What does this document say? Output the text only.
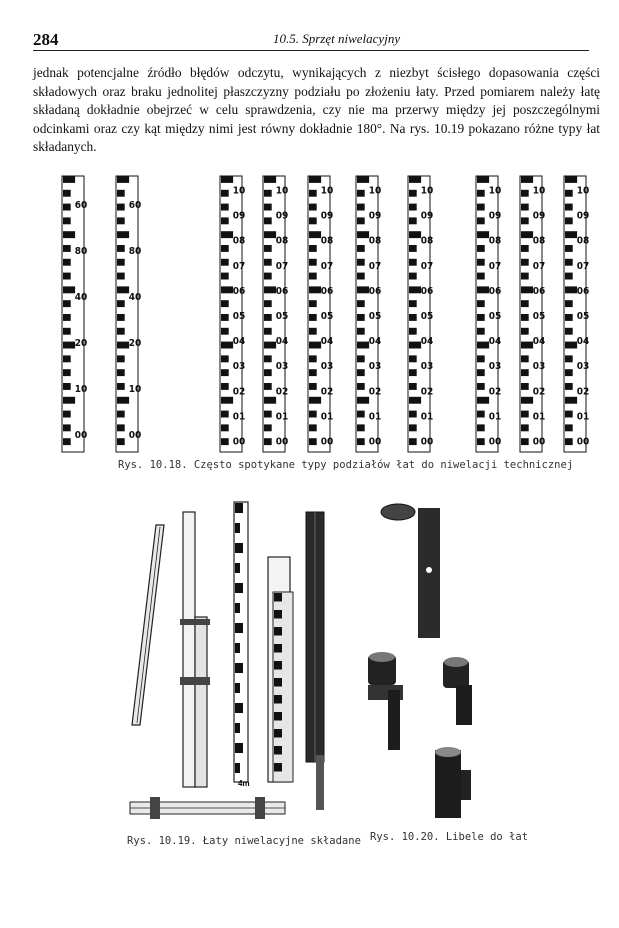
284	10.5. Sprzęt niwelacyjny

jednak potencjalne źródło błędów odczytu, wynikających z niezbyt ścisłego dopasowania części składowych oraz braku jednolitej płaszczyzny podziału po złożeniu łaty. Przed pomiarem należy łatę składaną dokładnie obejrzeć w celu sprawdzenia, czy nie ma przerwy między jej poszczególnymi odcinkami oraz czy kąt między nimi jest równy dokładnie 180°. Na rys. 10.19 pokazano różne typy łat składanych.

60
80
40
20
10
00
60
80
40
20
10
00
10
09
08
07
06
05
04
03
02
01
00
10
09
08
07
06
05
04
03
02
01
00
10
09
08
07
06
05
04
03
02
01
00
10
09
08
07
06
05
04
03
02
01
00
10
09
08
07
06
05
04
03
02
01
00
10
09
08
07
06
05
04
03
02
01
00
10
09
08
07
06
05
04
03
02
01
00
10
09
08
07
06
05
04
03
02
01
00
Rys. 10.18. Często spotykane typy podziałów łat do niwelacji technicznej
4m
Rys. 10.19. Łaty niwelacyjne składane Rys. 10.20. Libele do łat
